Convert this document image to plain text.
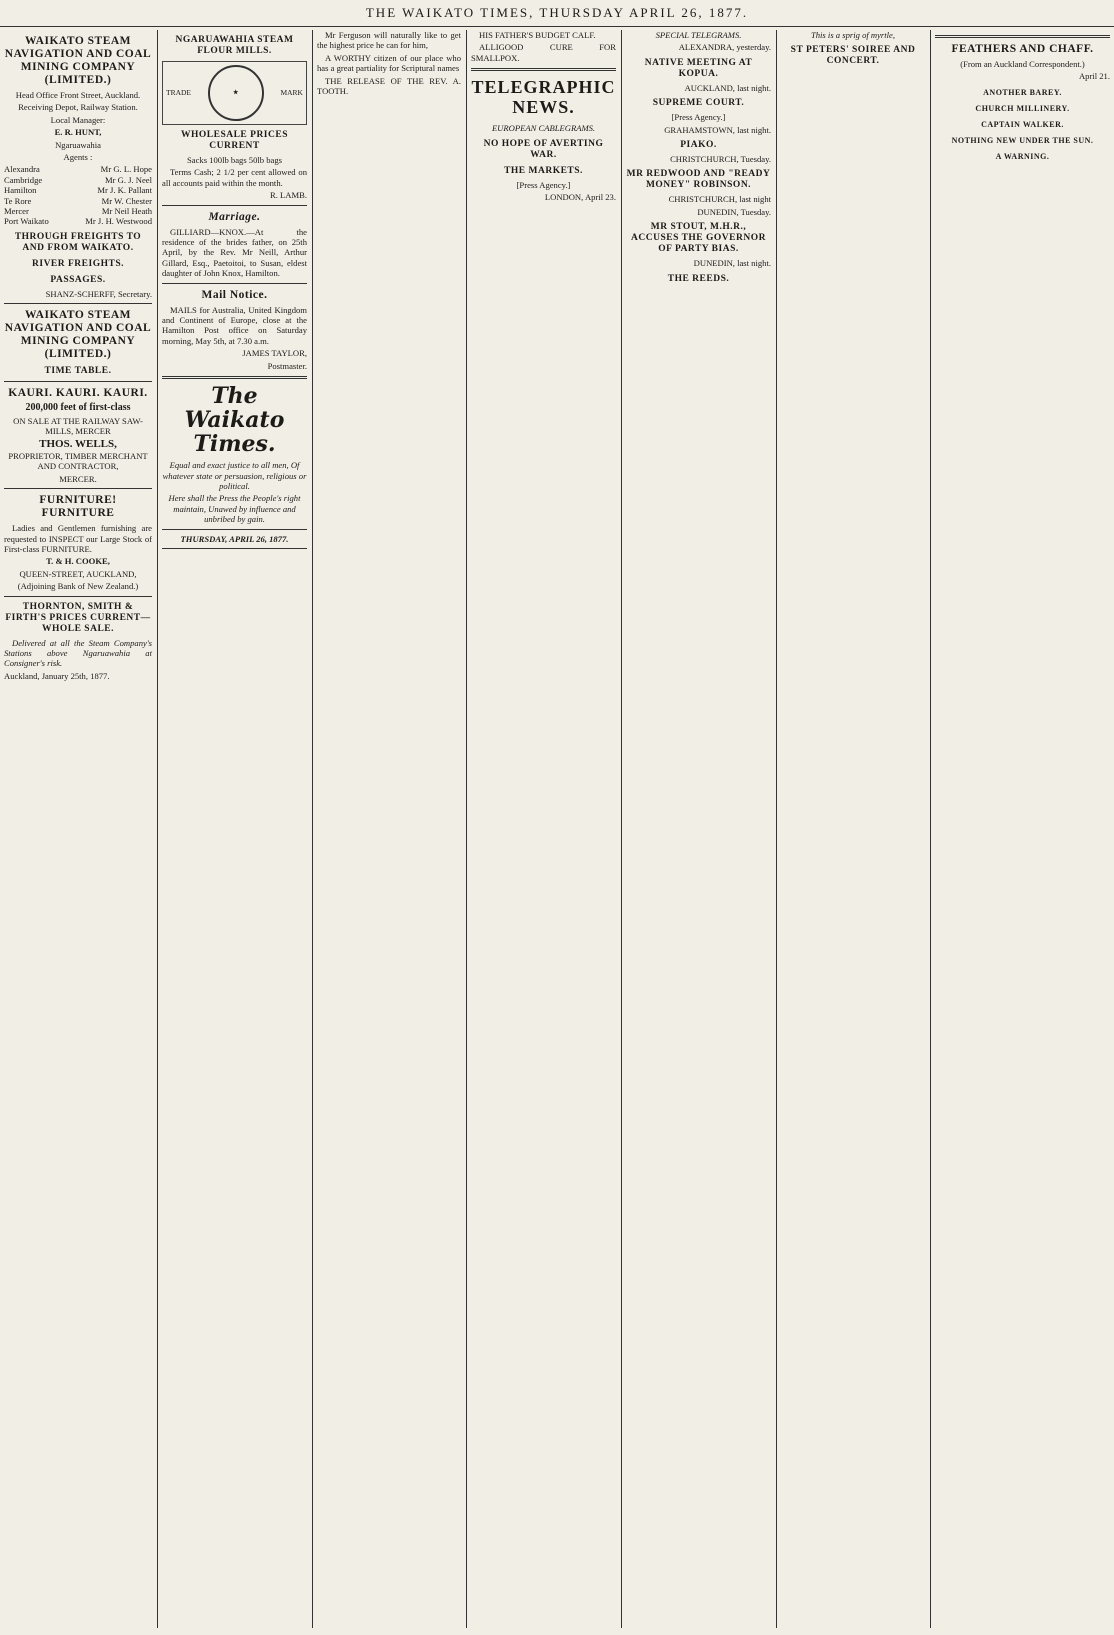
THE WAIKATO TIMES, THURSDAY APRIL 26, 1877.
WAIKATO STEAM NAVIGATION AND COAL MINING COMPANY (LIMITED.)

Head Office Front Street, Auckland.

Receiving Depot, Railway Station.

Local Manager:

E. R. HUNT,

Ngaruawahia

Agents :

Alexandra	Mr G. L. Hope
Cambridge	Mr G. J. Neel
Hamilton	Mr J. K. Pallant
Te Rore	Mr W. Chester
Mercer	Mr Neil Heath
Port Waikato	Mr J. H. Westwood
THROUGH FREIGHTS TO AND FROM WAIKATO.
RIVER FREIGHTS.
PASSAGES.

SHANZ-SCHERFF, Secretary.

WAIKATO STEAM NAVIGATION AND COAL MINING COMPANY (LIMITED.)
TIME TABLE.
KAURI. KAURI. KAURI.

200,000 feet of first-class

ON SALE AT THE RAILWAY SAW-MILLS, MERCER

THOS. WELLS,

PROPRIETOR, TIMBER MERCHANT AND CONTRACTOR,

MERCER.

FURNITURE! FURNITURE

Ladies and Gentlemen furnishing are requested to INSPECT our Large Stock of First-class FURNITURE.

T. & H. COOKE,

QUEEN-STREET, AUCKLAND,

(Adjoining Bank of New Zealand.)

THORNTON, SMITH & FIRTH'S PRICES CURRENT—WHOLE SALE.

Delivered at all the Steam Company's Stations above Ngaruawahia at Consigner's risk.

Auckland, January 25th, 1877.

NGARUAWAHIA STEAM FLOUR MILLS.
TRADE	★	MARK
WHOLESALE PRICES CURRENT

Sacks 100lb bags 50lb bags

Terms Cash; 2 1/2 per cent allowed on all accounts paid within the month.

R. LAMB.

Marriage.

GILLIARD—KNOX.—At the residence of the brides father, on 25th April, by the Rev. Mr Neill, Arthur Gillard, Esq., Paetoitoi, to Susan, eldest daughter of John Knox, Hamilton.

Mail Notice.

MAILS for Australia, United Kingdom and Continent of Europe, close at the Hamilton Post office on Saturday morning, May 5th, at 7.30 a.m.

JAMES TAYLOR,

Postmaster.

The Waikato Times.

Equal and exact justice to all men, Of whatever state or persuasion, religious or political.

Here shall the Press the People's right maintain, Unawed by influence and unbribed by gain.

THURSDAY, APRIL 26, 1877.

Mr Ferguson will naturally like to get the highest price he can for him,

A WORTHY citizen of our place who has a great partiality for Scriptural names

THE RELEASE OF THE REV. A. TOOTH.

HIS FATHER'S BUDGET CALF.

ALLIGOOD CURE FOR SMALLPOX.

TELEGRAPHIC NEWS.

EUROPEAN CABLEGRAMS.

NO HOPE OF AVERTING WAR.
THE MARKETS.

[Press Agency.]

LONDON, April 23.

SPECIAL TELEGRAMS.

ALEXANDRA, yesterday.

NATIVE MEETING AT KOPUA.

AUCKLAND, last night.

SUPREME COURT.

[Press Agency.]

GRAHAMSTOWN, last night.

PIAKO.

CHRISTCHURCH, Tuesday.

MR REDWOOD AND "READY MONEY" ROBINSON.

CHRISTCHURCH, last night

DUNEDIN, Tuesday.

MR STOUT, M.H.R., ACCUSES THE GOVERNOR OF PARTY BIAS.

DUNEDIN, last night.

THE REEDS.

This is a sprig of myrtle,

ST PETERS' SOIREE AND CONCERT.
FEATHERS AND CHAFF.

(From an Auckland Correspondent.)

April 21.

ANOTHER BAREY.
CHURCH MILLINERY.
CAPTAIN WALKER.
NOTHING NEW UNDER THE SUN.
A WARNING.
